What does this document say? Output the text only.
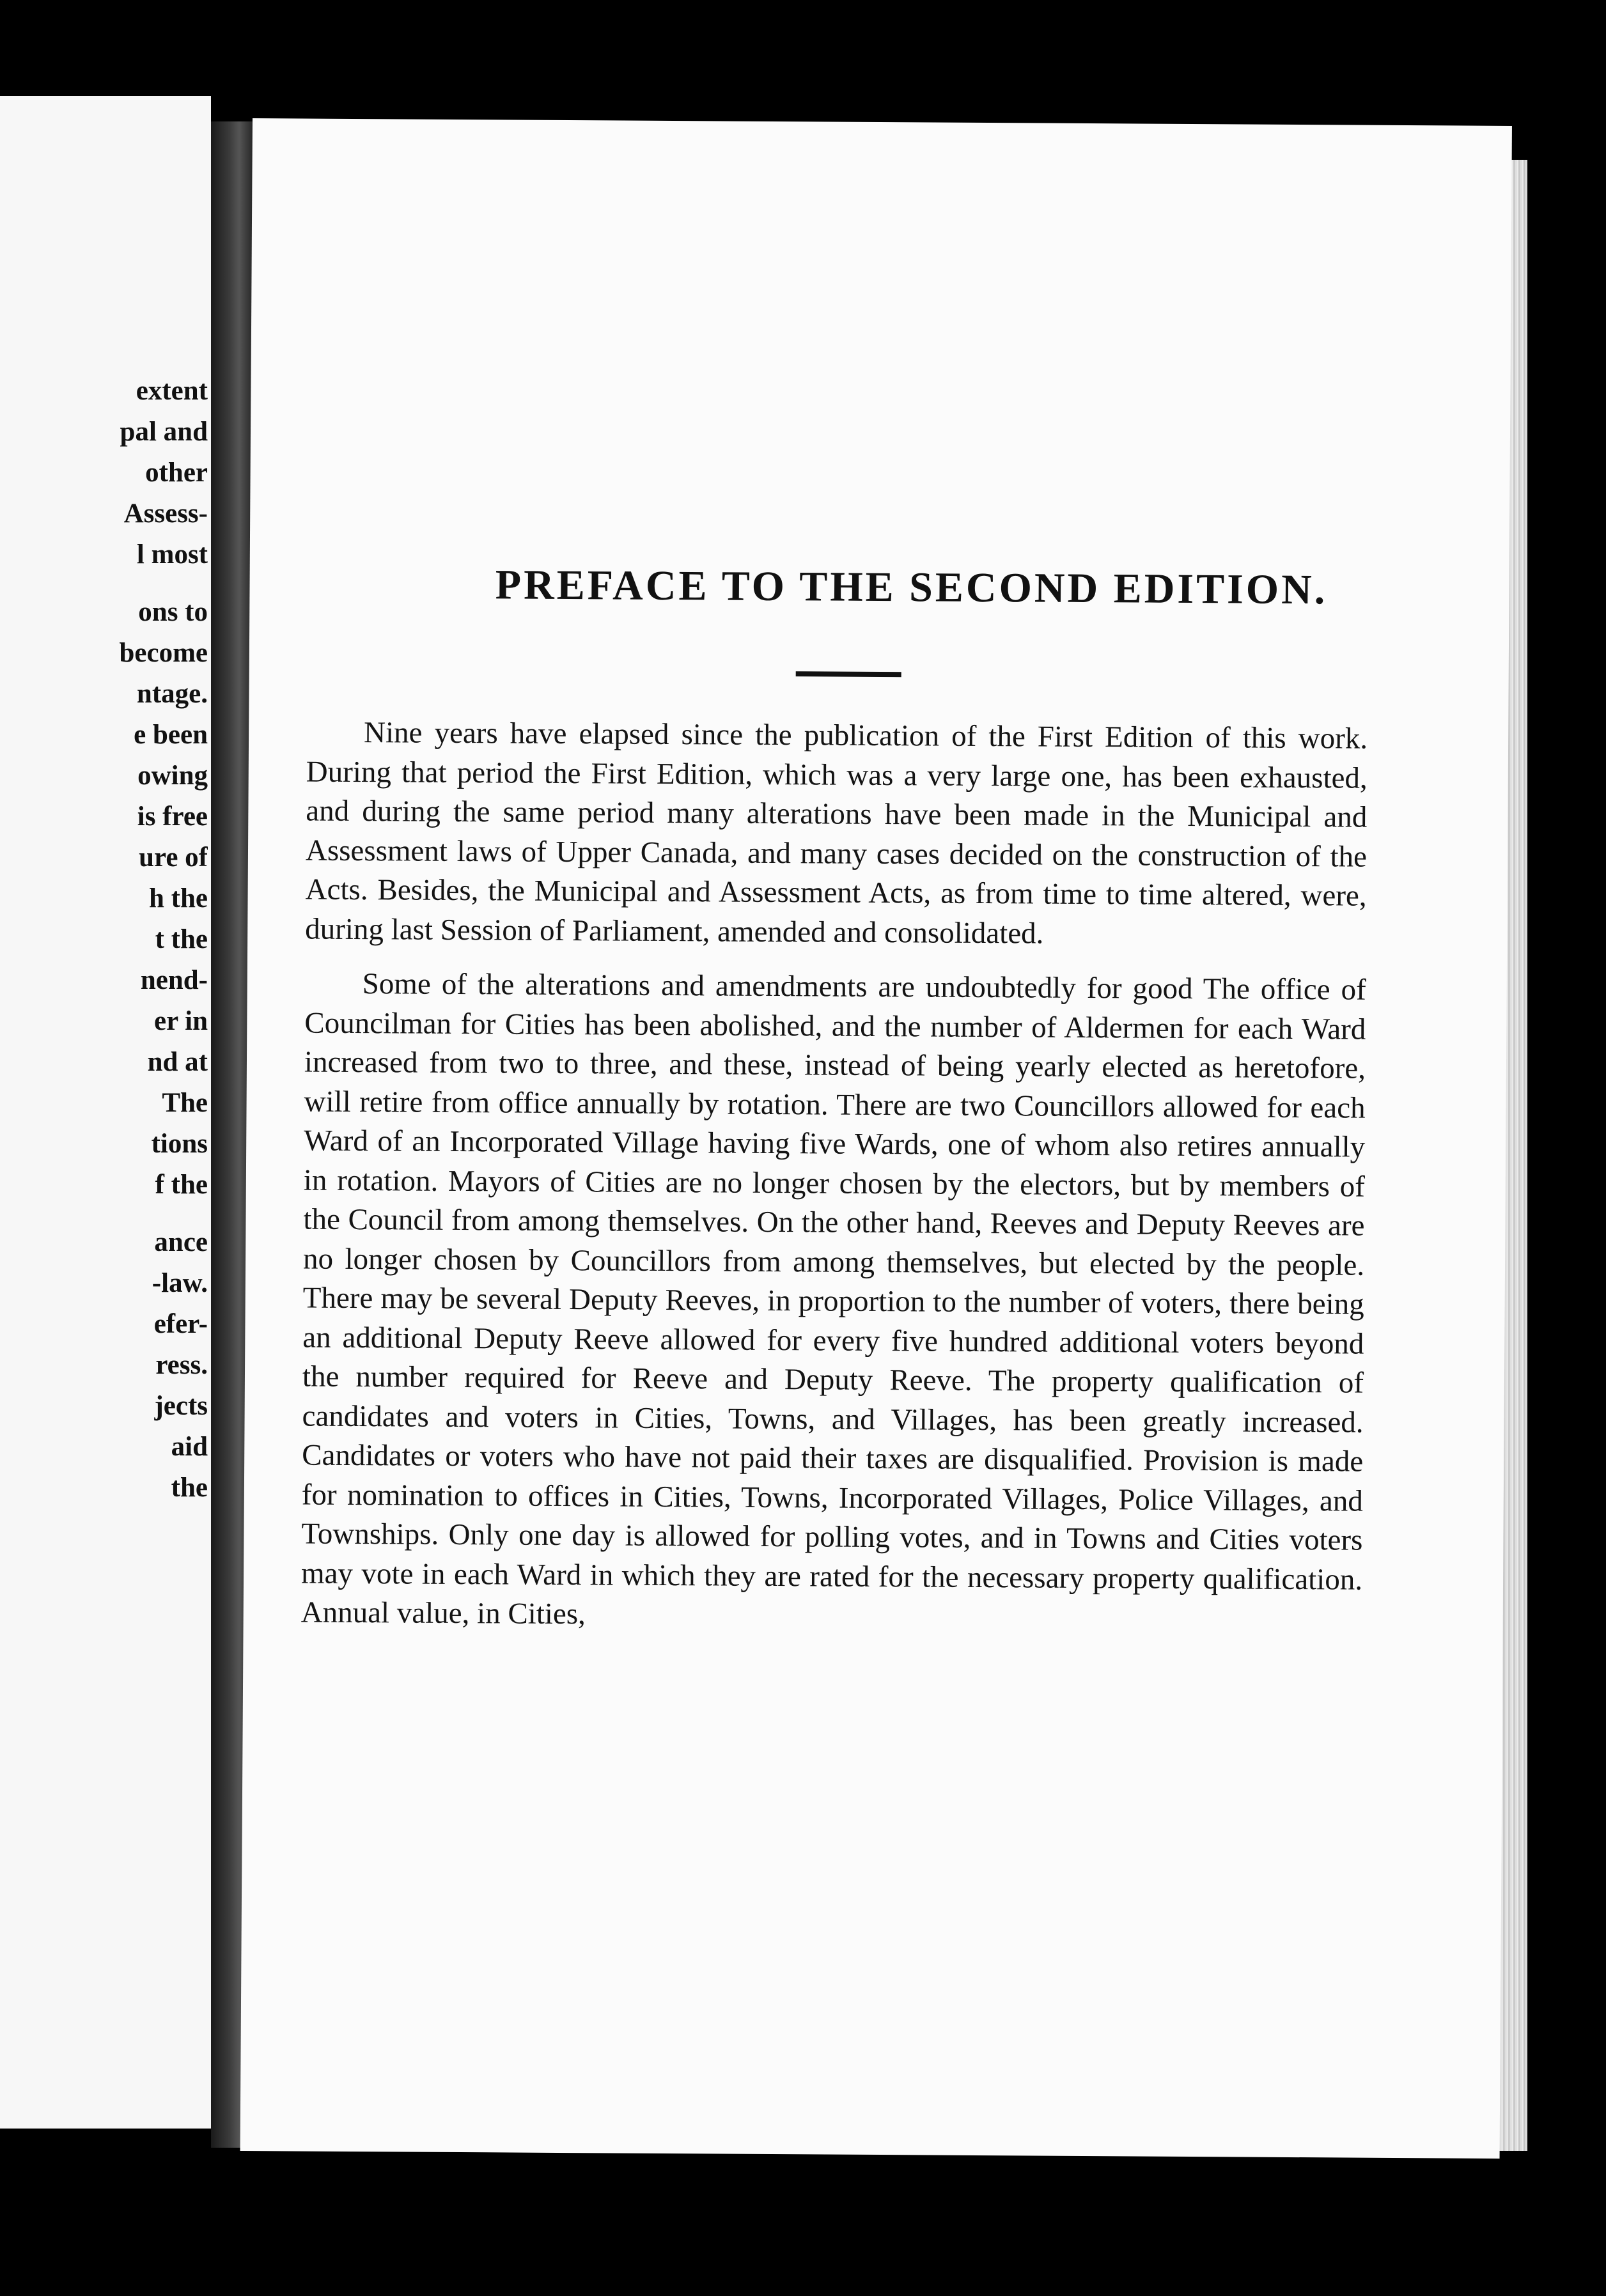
extent
pal and
other
Assess-
l most
ons to
become
ntage.
e been
owing
is free
ure of
h the
t the
nend-
er in
nd at
The
tions
f the
ance
-law.
efer-
ress.
jects
aid
the
PREFACE TO THE SECOND EDITION.

Nine years have elapsed since the publication of the First Edition of this work. During that period the First Edition, which was a very large one, has been exhausted, and during the same period many alterations have been made in the Municipal and Assessment laws of Upper Canada, and many cases decided on the construction of the Acts. Besides, the Municipal and Assessment Acts, as from time to time altered, were, during last Session of Parliament, amended and consolidated.

Some of the alterations and amendments are undoubtedly for good The office of Councilman for Cities has been abolished, and the number of Aldermen for each Ward increased from two to three, and these, instead of being yearly elected as heretofore, will retire from office annually by rotation. There are two Councillors allowed for each Ward of an Incorporated Village having five Wards, one of whom also retires annually in rotation. Mayors of Cities are no longer chosen by the electors, but by members of the Council from among themselves. On the other hand, Reeves and Deputy Reeves are no longer chosen by Councillors from among themselves, but elected by the people. There may be several Deputy Reeves, in proportion to the number of voters, there being an additional Deputy Reeve allowed for every five hundred additional voters beyond the number required for Reeve and Deputy Reeve. The property qualification of candidates and voters in Cities, Towns, and Villages, has been greatly increased. Candidates or voters who have not paid their taxes are disqualified. Provision is made for nomination to offices in Cities, Towns, Incorporated Villages, Police Villages, and Townships. Only one day is allowed for polling votes, and in Towns and Cities voters may vote in each Ward in which they are rated for the necessary property qualification. Annual value, in Cities,
